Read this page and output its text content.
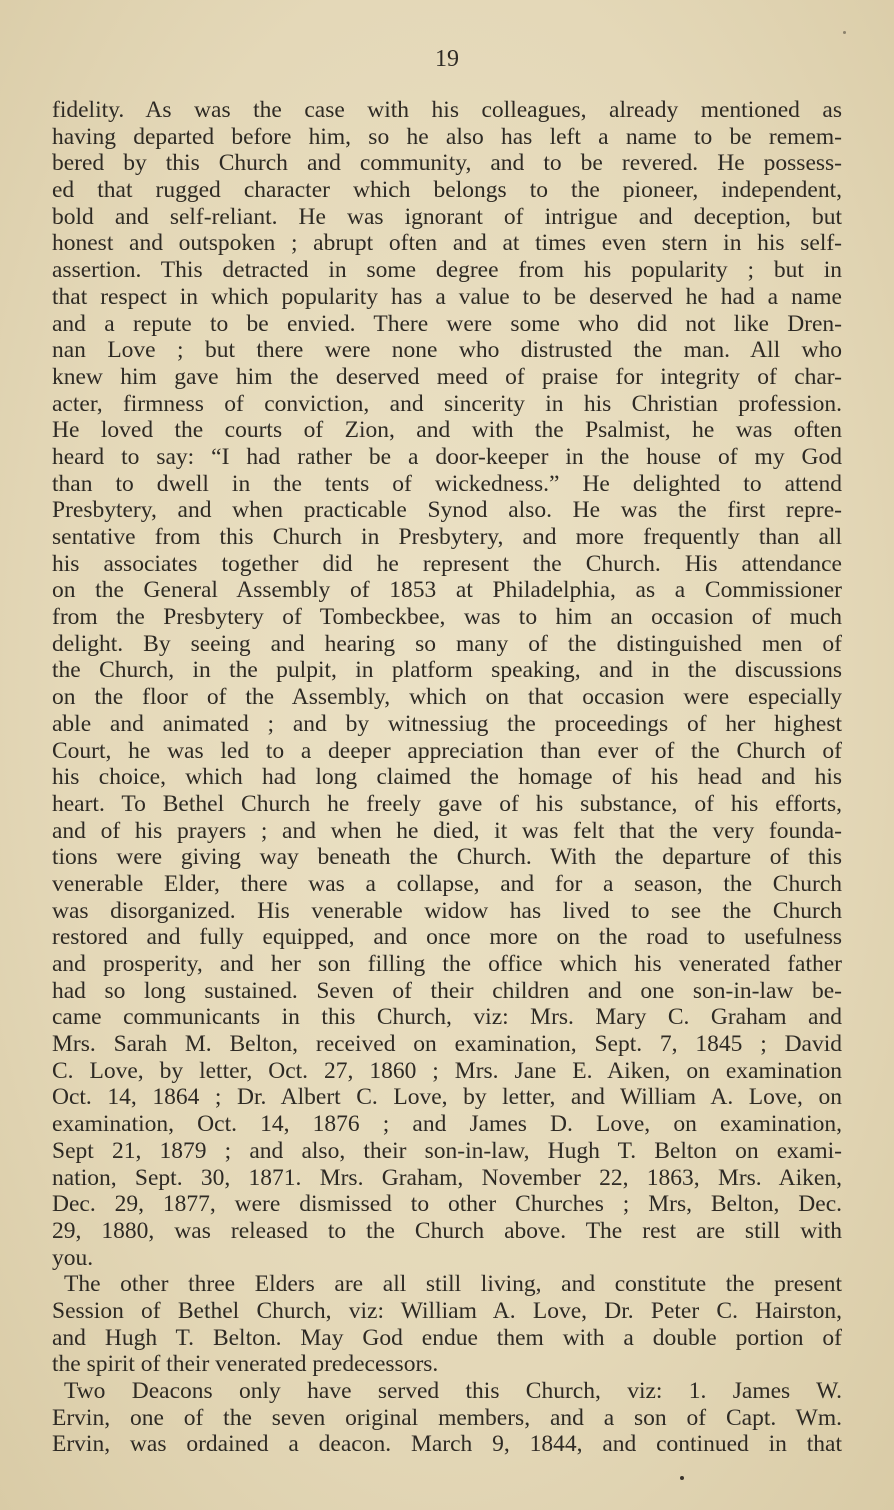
19
fidelity. As was the case with his colleagues, already mentioned as
having departed before him, so he also has left a name to be remem-
bered by this Church and community, and to be revered. He possess-
ed that rugged character which belongs to the pioneer, independent,
bold and self-reliant. He was ignorant of intrigue and deception, but
honest and outspoken ; abrupt often and at times even stern in his self-
assertion. This detracted in some degree from his popularity ; but in
that respect in which popularity has a value to be deserved he had a name
and a repute to be envied. There were some who did not like Dren-
nan Love ; but there were none who distrusted the man. All who
knew him gave him the deserved meed of praise for integrity of char-
acter, firmness of conviction, and sincerity in his Christian profession.
He loved the courts of Zion, and with the Psalmist, he was often
heard to say: “I had rather be a door-keeper in the house of my God
than to dwell in the tents of wickedness.” He delighted to attend
Presbytery, and when practicable Synod also. He was the first repre-
sentative from this Church in Presbytery, and more frequently than all
his associates together did he represent the Church. His attendance
on the General Assembly of 1853 at Philadelphia, as a Commissioner
from the Presbytery of Tombeckbee, was to him an occasion of much
delight. By seeing and hearing so many of the distinguished men of
the Church, in the pulpit, in platform speaking, and in the discussions
on the floor of the Assembly, which on that occasion were especially
able and animated ; and by witnessiug the proceedings of her highest
Court, he was led to a deeper appreciation than ever of the Church of
his choice, which had long claimed the homage of his head and his
heart. To Bethel Church he freely gave of his substance, of his efforts,
and of his prayers ; and when he died, it was felt that the very founda-
tions were giving way beneath the Church. With the departure of this
venerable Elder, there was a collapse, and for a season, the Church
was disorganized. His venerable widow has lived to see the Church
restored and fully equipped, and once more on the road to usefulness
and prosperity, and her son filling the office which his venerated father
had so long sustained. Seven of their children and one son-in-law be-
came communicants in this Church, viz: Mrs. Mary C. Graham and
Mrs. Sarah M. Belton, received on examination, Sept. 7, 1845 ; David
C. Love, by letter, Oct. 27, 1860 ; Mrs. Jane E. Aiken, on examination
Oct. 14, 1864 ; Dr. Albert C. Love, by letter, and William A. Love, on
examination, Oct. 14, 1876 ; and James D. Love, on examination,
Sept 21, 1879 ; and also, their son-in-law, Hugh T. Belton on exami-
nation, Sept. 30, 1871. Mrs. Graham, November 22, 1863, Mrs. Aiken,
Dec. 29, 1877, were dismissed to other Churches ; Mrs, Belton, Dec.
29, 1880, was released to the Church above. The rest are still with
you.
The other three Elders are all still living, and constitute the present
Session of Bethel Church, viz: William A. Love, Dr. Peter C. Hairston,
and Hugh T. Belton. May God endue them with a double portion of
the spirit of their venerated predecessors.
Two Deacons only have served this Church, viz: 1. James W.
Ervin, one of the seven original members, and a son of Capt. Wm.
Ervin, was ordained a deacon. March 9, 1844, and continued in that
